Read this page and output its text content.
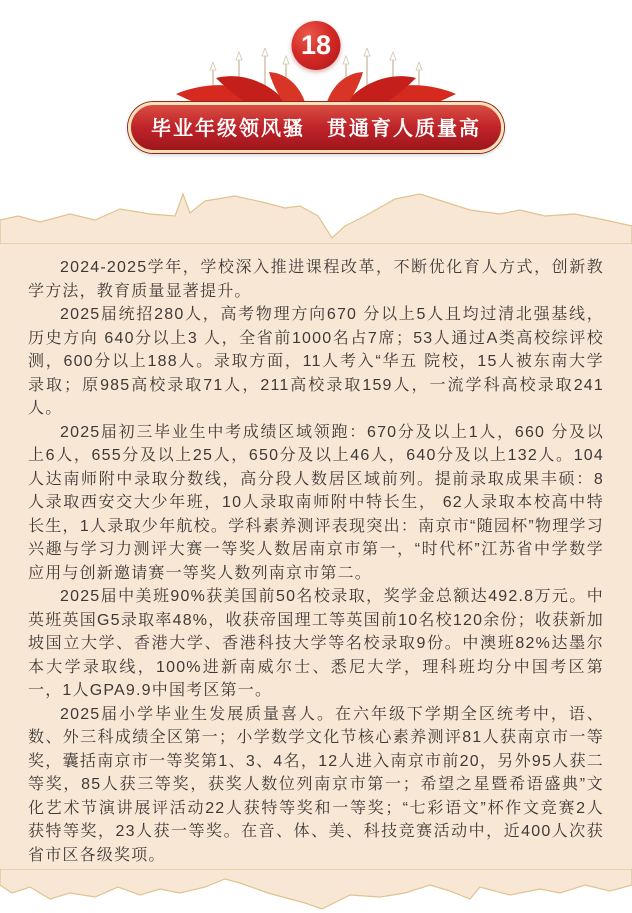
18
毕业年级领风骚　贯通育人质量高

2024-2025学年，学校深入推进课程改革，不断优化育人方式，创新教学方法，教育质量显著提升。

2025届统招280人，高考物理方向670 分以上5人且均过清北强基线，历史方向 640分以上3 人，全省前1000名占7席；53人通过A类高校综评校测，600分以上188人。录取方面，11人考入“华五 院校，15人被东南大学录取；原985高校录取71人，211高校录取159人，一流学科高校录取241人。

2025届初三毕业生中考成绩区域领跑：670分及以上1人，660 分及以上6人，655分及以上25人，650分及以上46人，640分及以上132人。104人达南师附中录取分数线，高分段人数居区域前列。提前录取成果丰硕：8人录取西安交大少年班，10人录取南师附中特长生， 62人录取本校高中特长生，1人录取少年航校。学科素养测评表现突出：南京市“随园杯”物理学习兴趣与学习力测评大赛一等奖人数居南京市第一，“时代杯”江苏省中学数学应用与创新邀请赛一等奖人数列南京市第二。

2025届中美班90%获美国前50名校录取，奖学金总额达492.8万元。中英班英国G5录取率48%，收获帝国理工等英国前10名校120余份；收获新加坡国立大学、香港大学、香港科技大学等名校录取9份。中澳班82%达墨尔本大学录取线，100%进新南威尔士、悉尼大学，理科班均分中国考区第一，1人GPA9.9中国考区第一。

2025届小学毕业生发展质量喜人。在六年级下学期全区统考中，语、数、外三科成绩全区第一；小学数学文化节核心素养测评81人获南京市一等奖，囊括南京市一等奖第1、3、4名，12人进入南京市前20，另外95人获二等奖，85人获三等奖，获奖人数位列南京市第一；希望之星暨希语盛典”文化艺术节演讲展评活动22人获特等奖和一等奖；“七彩语文”杯作文竞赛2人获特等奖，23人获一等奖。在音、体、美、科技竞赛活动中，近400人次获省市区各级奖项。
